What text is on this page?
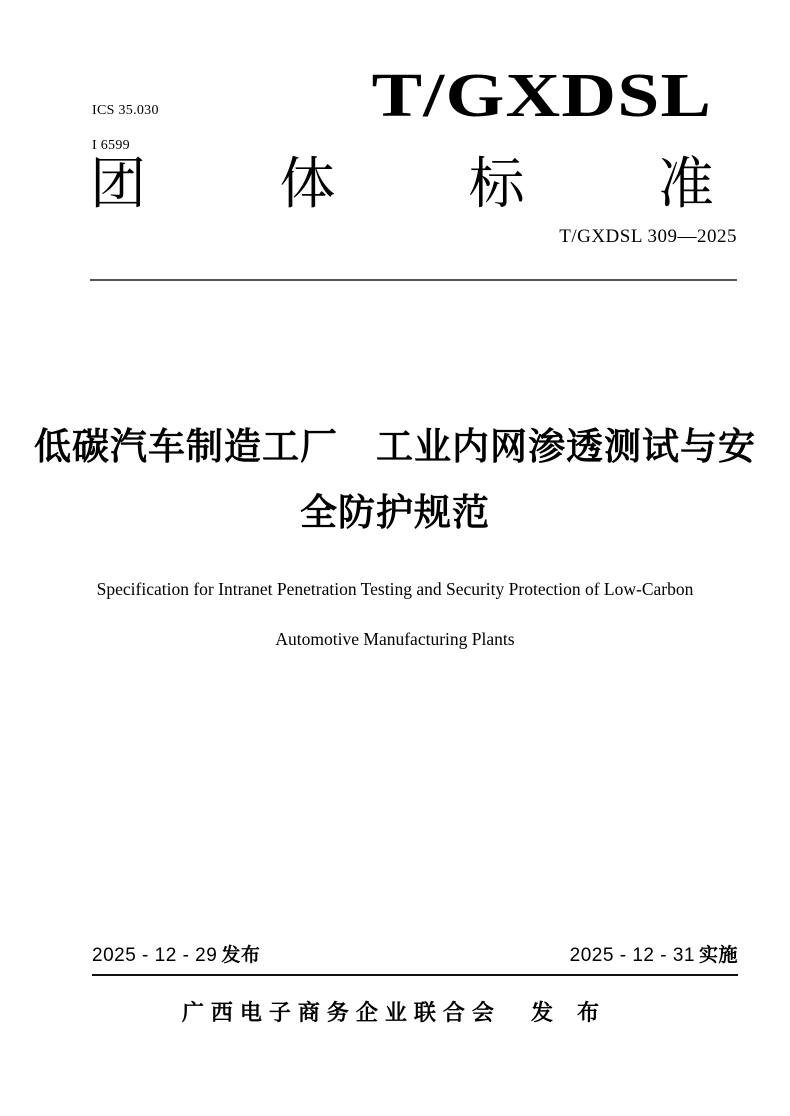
ICS 35.030
I 6599
T/GXDSL
团 体 标 准
T/GXDSL 309—2025
低碳汽车制造工厂　工业内网渗透测试与安
全防护规范
Specification for Intranet Penetration Testing and Security Protection of Low-Carbon
Automotive Manufacturing Plants
2025 - 12 - 29 发布	2025 - 12 - 31 实施
广西电子商务企业联合会 发 布
